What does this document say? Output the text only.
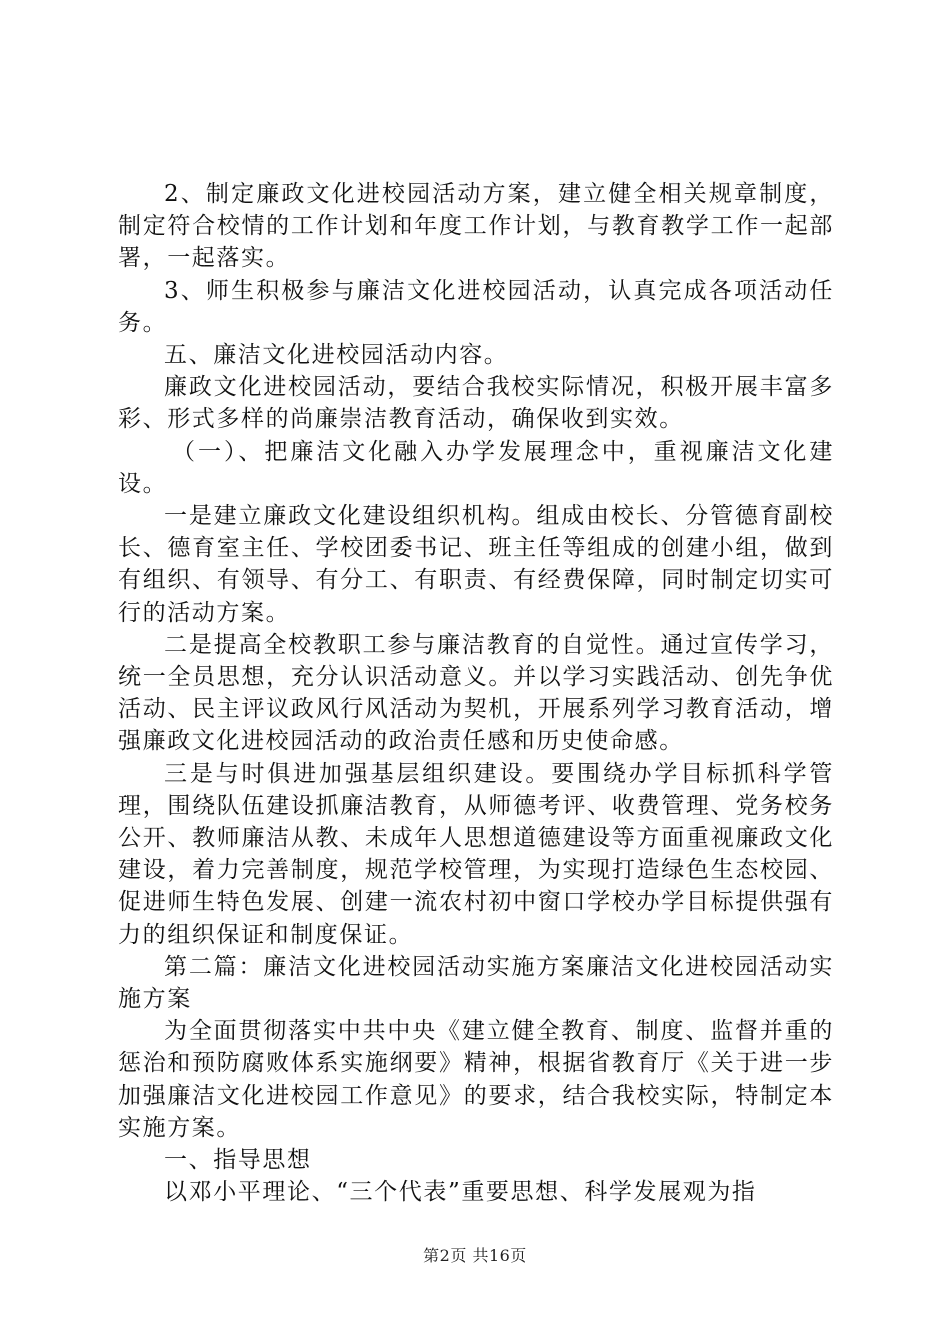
2、制定廉政文化进校园活动方案，建立健全相关规章制度，制定符合校情的工作计划和年度工作计划，与教育教学工作一起部署，一起落实。

3、师生积极参与廉洁文化进校园活动，认真完成各项活动任务。

五、廉洁文化进校园活动内容。

廉政文化进校园活动，要结合我校实际情况，积极开展丰富多彩、形式多样的尚廉崇洁教育活动，确保收到实效。

（一）、把廉洁文化融入办学发展理念中，重视廉洁文化建设。

一是建立廉政文化建设组织机构。组成由校长、分管德育副校长、德育室主任、学校团委书记、班主任等组成的创建小组，做到有组织、有领导、有分工、有职责、有经费保障，同时制定切实可行的活动方案。

二是提高全校教职工参与廉洁教育的自觉性。通过宣传学习，统一全员思想，充分认识活动意义。并以学习实践活动、创先争优活动、民主评议政风行风活动为契机，开展系列学习教育活动，增强廉政文化进校园活动的政治责任感和历史使命感。

三是与时俱进加强基层组织建设。要围绕办学目标抓科学管理，围绕队伍建设抓廉洁教育，从师德考评、收费管理、党务校务公开、教师廉洁从教、未成年人思想道德建设等方面重视廉政文化建设，着力完善制度，规范学校管理，为实现打造绿色生态校园、促进师生特色发展、创建一流农村初中窗口学校办学目标提供强有力的组织保证和制度保证。

第二篇：廉洁文化进校园活动实施方案廉洁文化进校园活动实施方案

为全面贯彻落实中共中央《建立健全教育、制度、监督并重的惩治和预防腐败体系实施纲要》精神，根据省教育厅《关于进一步加强廉洁文化进校园工作意见》的要求，结合我校实际，特制定本实施方案。

一、指导思想

以邓小平理论、“三个代表”重要思想、科学发展观为指

第2页 共16页
